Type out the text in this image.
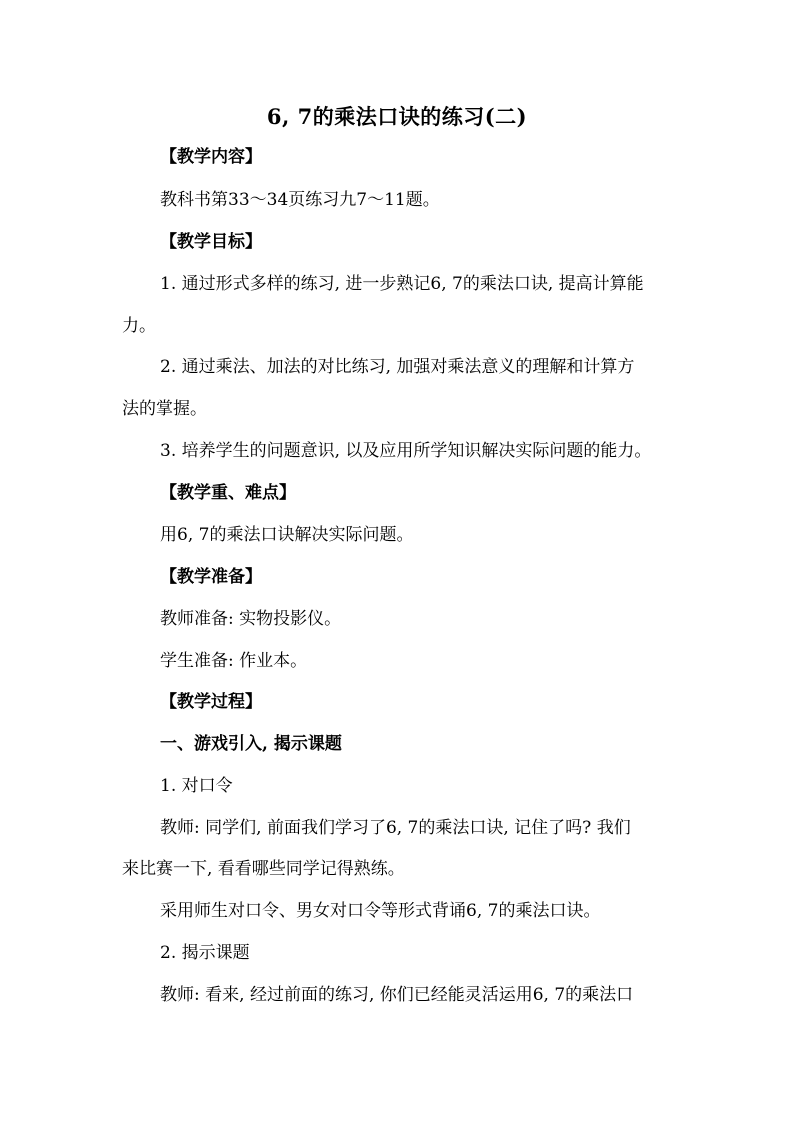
6, 7的乘法口诀的练习(二)
【教学内容】
教科书第33～34页练习九7～11题。
【教学目标】
1. 通过形式多样的练习, 进一步熟记6, 7的乘法口诀, 提高计算能
力。
2. 通过乘法、加法的对比练习, 加强对乘法意义的理解和计算方
法的掌握。
3. 培养学生的问题意识, 以及应用所学知识解决实际问题的能力。
【教学重、难点】
用6, 7的乘法口诀解决实际问题。
【教学准备】
教师准备: 实物投影仪。
学生准备: 作业本。
【教学过程】
一、游戏引入, 揭示课题
1. 对口令
教师: 同学们, 前面我们学习了6, 7的乘法口诀, 记住了吗? 我们
来比赛一下, 看看哪些同学记得熟练。
采用师生对口令、男女对口令等形式背诵6, 7的乘法口诀。
2. 揭示课题
教师: 看来, 经过前面的练习, 你们已经能灵活运用6, 7的乘法口
